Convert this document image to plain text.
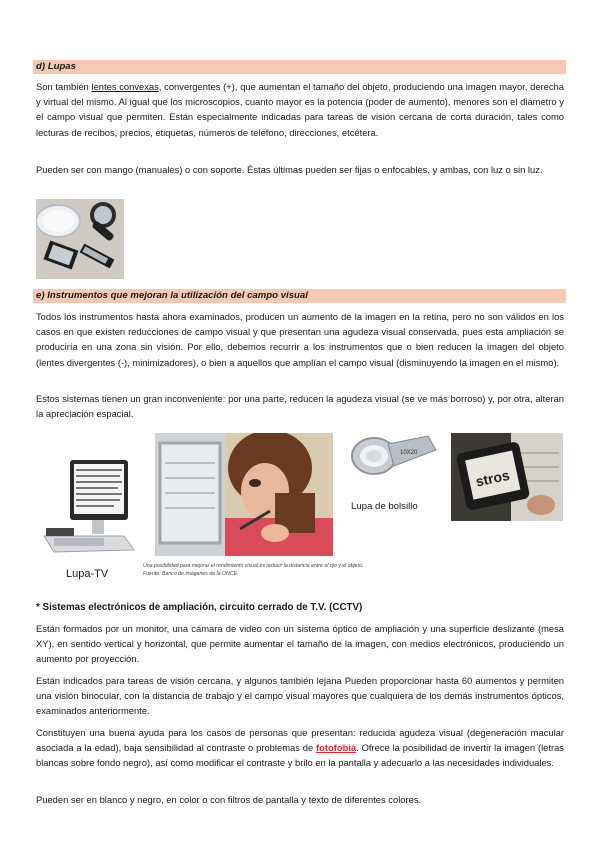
d) Lupas

Son también lentes convexas, convergentes (+), que aumentan el tamaño del objeto, produciendo una imagen mayor, derecha y virtual del mismo. Al igual que los microscopios, cuanto mayor es la potencia (poder de aumento), menores son el diámetro y el campo visual que permiten. Están especialmente indicadas para tareas de visión cercana de corta duración, tales como lecturas de recibos, precios, etiquetas, números de teléfono, direcciones, etcétera.

Pueden ser con mango (manuales) o con soporte. Éstas últimas pueden ser fijas o enfocables, y ambas, con luz o sin luz.

e) Instrumentos que mejoran la utilización del campo visual

Todos los instrumentos hasta ahora examinados, producen un aumento de la imagen en la retina, pero no son válidos en los casos en que existen reducciones de campo visual y que presentan una agudeza visual conservada, pues esta ampliación se produciría en una zona sin visión. Por ello, debemos recurrir a los instrumentos que o bien reducen la imagen del objeto (lentes divergentes (-), minimizadores), o bien a aquellos que amplían el campo visual (disminuyendo la imagen en el mismo).

Estos sistemas tienen un gran inconveniente: por una parte, reducen la agudeza visual (se ve más borroso) y, por otra, alteran la apreciación espacial.

Lupa-TV
Una posibilidad para mejorar el rendimiento visual es reducir la distancia entre el ojo y el objeto. Fuente: Banco de imágenes de la ONCE.
10X20
Lupa de bolsillo
stros
* Sistemas electrónicos de ampliación, circuito cerrado de T.V. (CCTV)

Están formados por un monitor, una cámara de video con un sistema óptico de ampliación y una superficie deslizante (mesa XY), en sentido vertical y horizontal, que permite aumentar el tamaño de la imagen, con medios electrónicos, produciendo un aumento por proyección.

Están indicados para tareas de visión cercana, y algunos también lejana Pueden proporcionar hasta 60 aumentos y permiten una visión binocular, con la distancia de trabajo y el campo visual mayores que cualquiera de los demás instrumentos ópticos, examinados anteriormente.

Constituyen una buena ayuda para los casos de personas que presentan: reducida agudeza visual (degeneración macular asociada a la edad), baja sensibilidad al contraste o problemas de fotofobia. Ofrece la posibilidad de invertir la imagen (letras blancas sobre fondo negro), así como modificar el contraste y brilo en la pantalla y adecuarlo a las necesidades individuales.

Pueden ser en blanco y negro, en color o con filtros de pantalla y texto de diferentes colores.
